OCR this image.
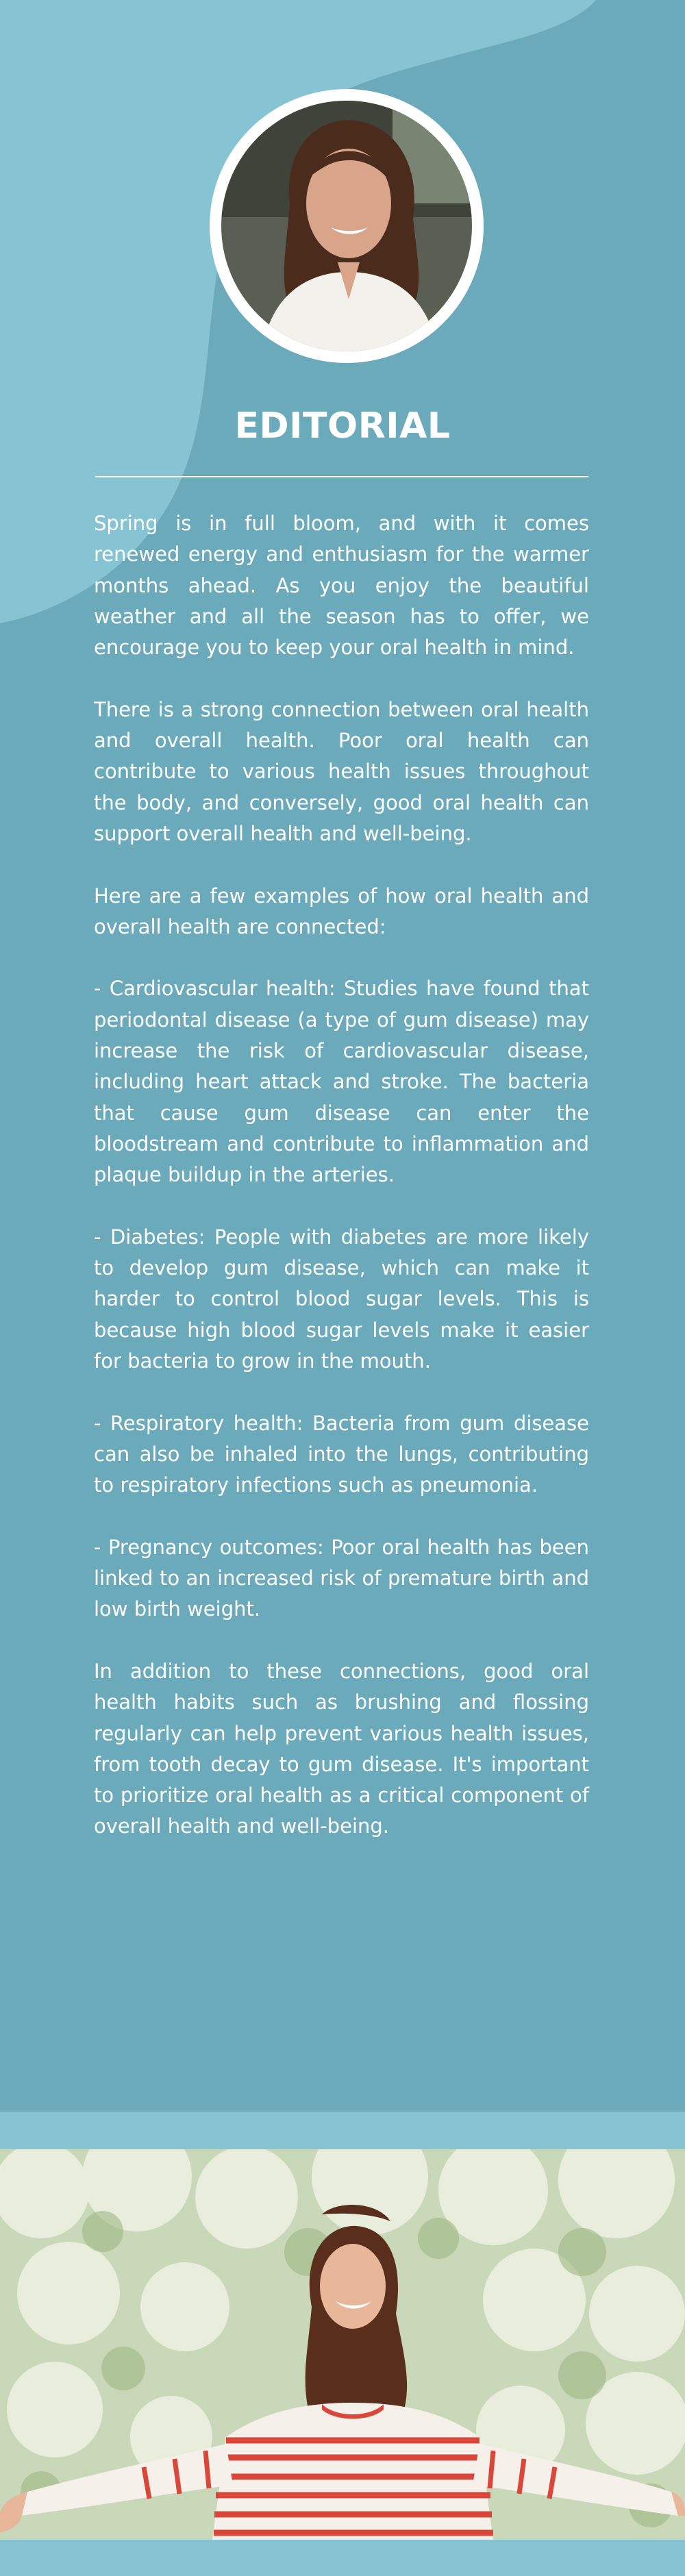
EDITORIAL

Spring is in full bloom, and with it comes renewed energy and enthusiasm for the warmer months ahead. As you enjoy the beautiful weather and all the season has to offer, we encourage you to keep your oral health in mind.

There is a strong connection between oral health and overall health. Poor oral health can contribute to various health issues throughout the body, and conversely, good oral health can support overall health and well-being.

Here are a few examples of how oral health and overall health are connected:

- Cardiovascular health: Studies have found that periodontal disease (a type of gum disease) may increase the risk of cardiovascular disease, including heart attack and stroke. The bacteria that cause gum disease can enter the bloodstream and contribute to inflammation and plaque buildup in the arteries.

- Diabetes: People with diabetes are more likely to develop gum disease, which can make it harder to control blood sugar levels. This is because high blood sugar levels make it easier for bacteria to grow in the mouth.

- Respiratory health: Bacteria from gum disease can also be inhaled into the lungs, contributing to respiratory infections such as pneumonia.

- Pregnancy outcomes: Poor oral health has been linked to an increased risk of premature birth and low birth weight.

In addition to these connections, good oral health habits such as brushing and flossing regularly can help prevent various health issues, from tooth decay to gum disease. It's important to prioritize oral health as a critical component of overall health and well-being.
